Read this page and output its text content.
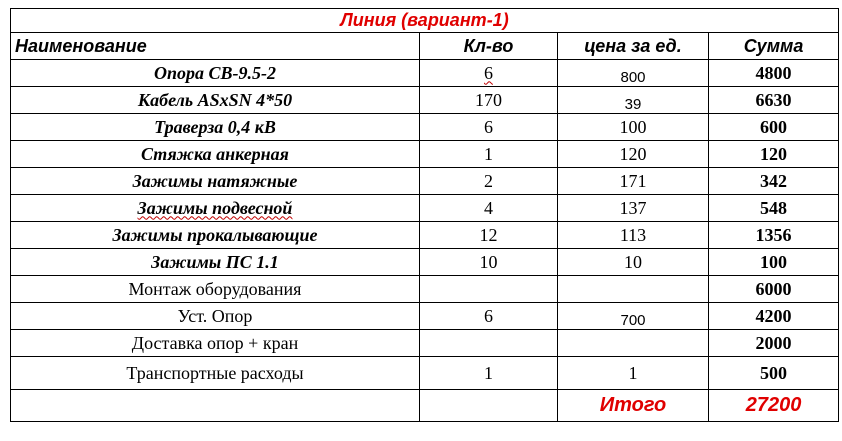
Линия (вариант-1)			
Наименование	Кл-во	цена за ед.	Сумма
Опора СВ-9.5-2	6	800	4800
Кабель ASxSN 4*50	170	39	6630
Траверза 0,4 кВ	6	100	600
Стяжка анкерная	1	120	120
Зажимы натяжные	2	171	342
Зажимы подвесной	4	137	548
Зажимы прокалывающие	12	113	1356
Зажимы ПС 1.1	10	10	100
Монтаж оборудования			6000
Уст. Опор	6	700	4200
Доставка опор + кран			2000
Транспортные расходы	1	1	500
		Итого	27200
